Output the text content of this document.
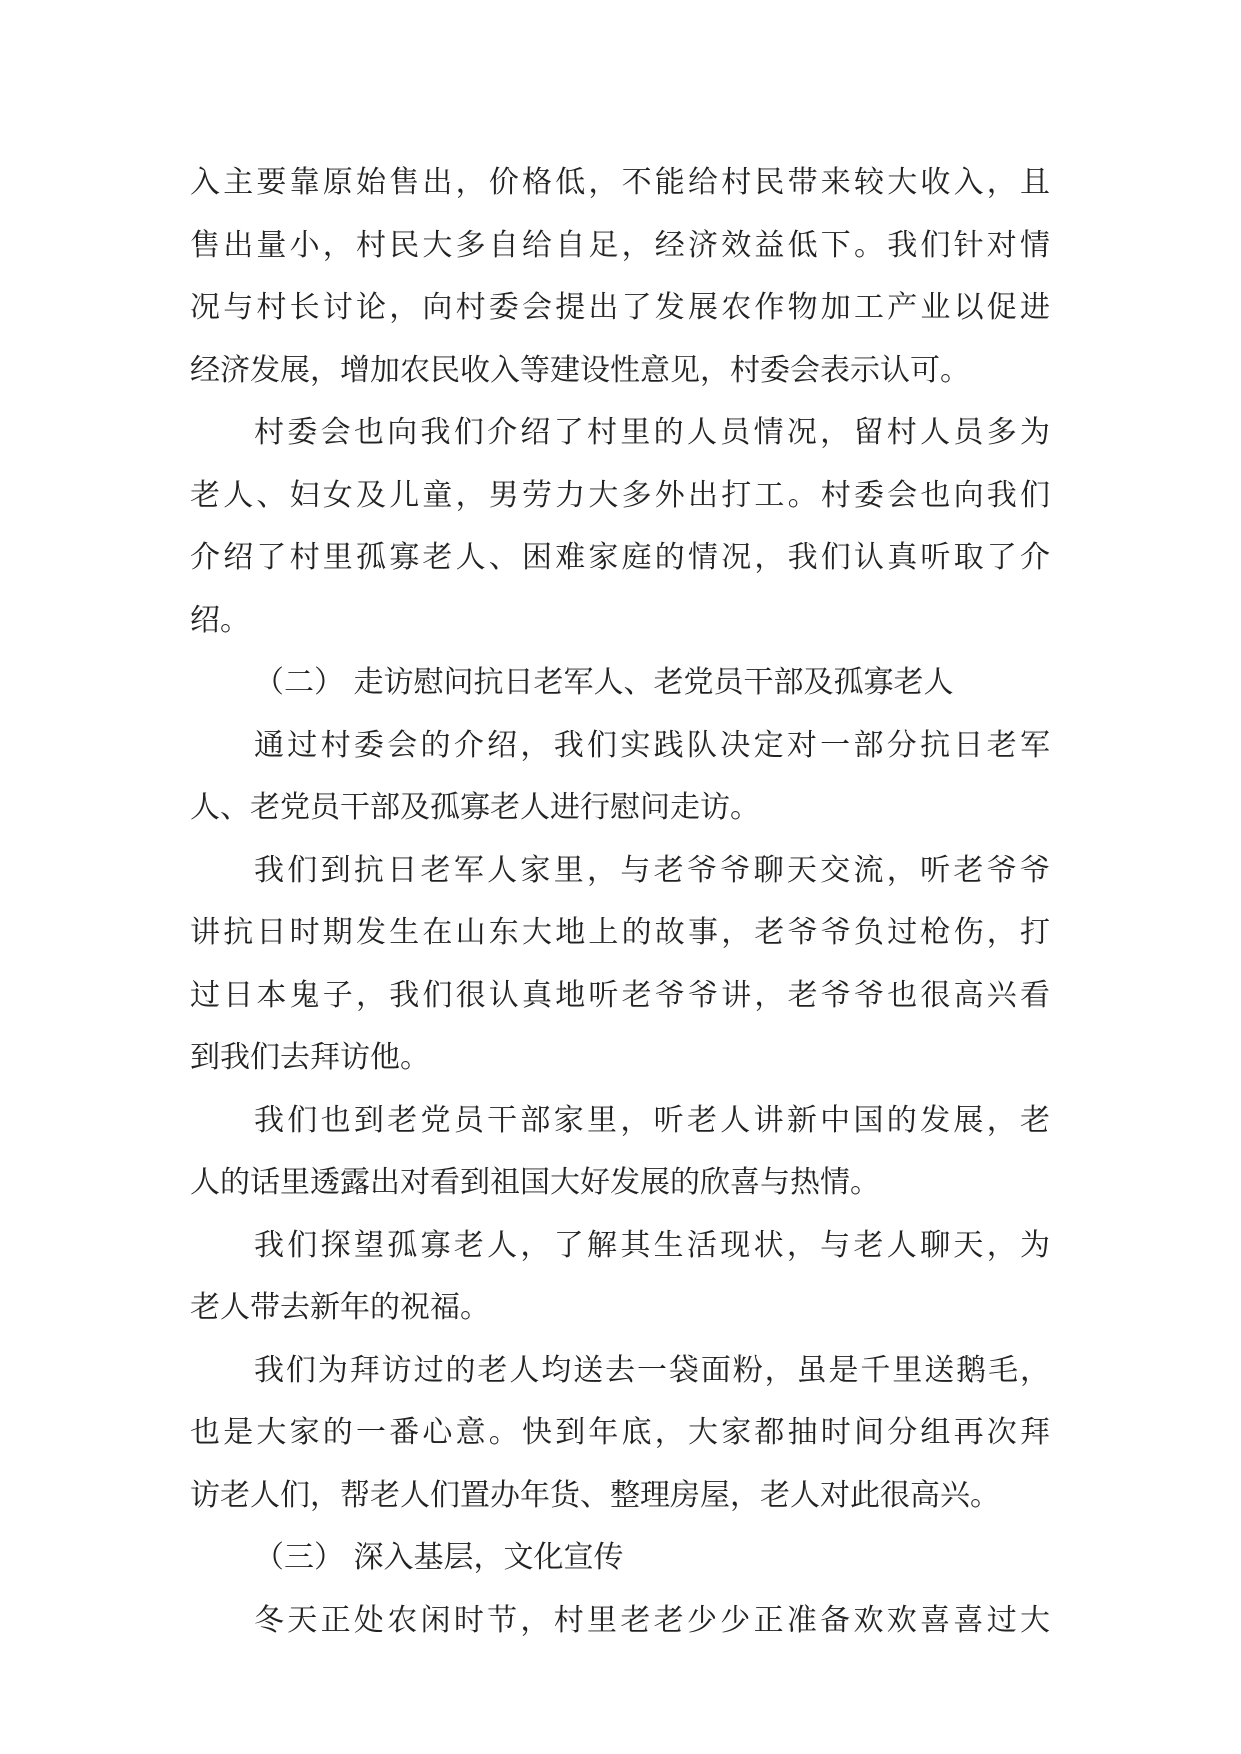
入主要靠原始售出，价格低，不能给村民带来较大收入，且
售出量小，村民大多自给自足，经济效益低下。我们针对情
况与村长讨论，向村委会提出了发展农作物加工产业以促进
经济发展，增加农民收入等建设性意见，村委会表示认可。
村委会也向我们介绍了村里的人员情况，留村人员多为
老人、妇女及儿童，男劳力大多外出打工。村委会也向我们
介绍了村里孤寡老人、困难家庭的情况，我们认真听取了介
绍。
（二） 走访慰问抗日老军人、老党员干部及孤寡老人
通过村委会的介绍，我们实践队决定对一部分抗日老军
人、老党员干部及孤寡老人进行慰问走访。
我们到抗日老军人家里，与老爷爷聊天交流，听老爷爷
讲抗日时期发生在山东大地上的故事，老爷爷负过枪伤，打
过日本鬼子，我们很认真地听老爷爷讲，老爷爷也很高兴看
到我们去拜访他。
我们也到老党员干部家里，听老人讲新中国的发展，老
人的话里透露出对看到祖国大好发展的欣喜与热情。
我们探望孤寡老人，了解其生活现状，与老人聊天，为
老人带去新年的祝福。
我们为拜访过的老人均送去一袋面粉，虽是千里送鹅毛，
也是大家的一番心意。快到年底，大家都抽时间分组再次拜
访老人们，帮老人们置办年货、整理房屋，老人对此很高兴。
（三） 深入基层，文化宣传
冬天正处农闲时节，村里老老少少正准备欢欢喜喜过大
